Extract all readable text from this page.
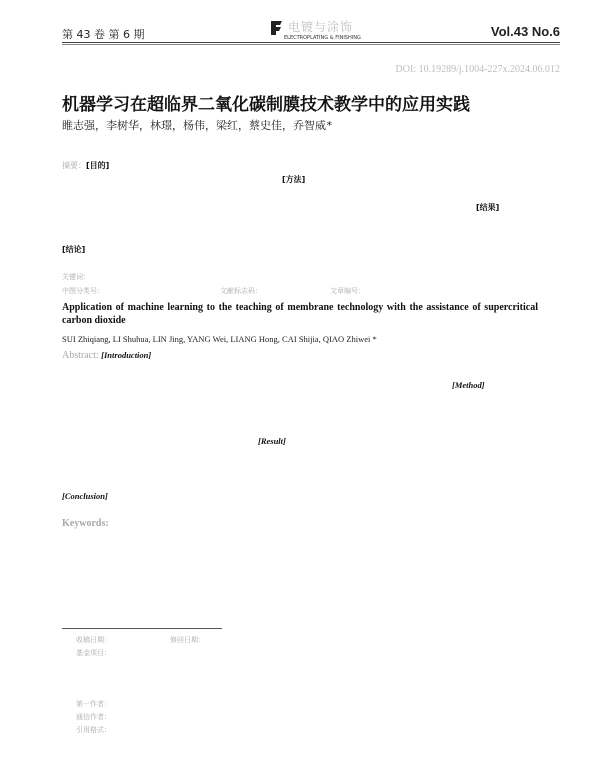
第 43 卷 第 6 期
电镀与涂饰
ELECTROPLATING & FINISHING	Vol.43 No.6
DOI: 10.19289/j.1004-227x.2024.06.012
机器学习在超临界二氧化碳制膜技术教学中的应用实践
睢志强，李树华，林璟，杨伟，梁红，蔡史佳，乔智威*
摘要：[目的]
[方法]
[结果]
[结论]
关键词：
中图分类号：	文献标志码：	文章编号：
Application of machine learning to the teaching of membrane technology with the assistance of supercritical carbon dioxide
SUI Zhiqiang, LI Shuhua, LIN Jing, YANG Wei, LIANG Hong, CAI Shijia, QIAO Zhiwei *
Abstract: [Introduction]
[Method]
[Result]
[Conclusion]
Keywords:
收稿日期：	修回日期：
基金项目：
第一作者：
通信作者：
引用格式：
